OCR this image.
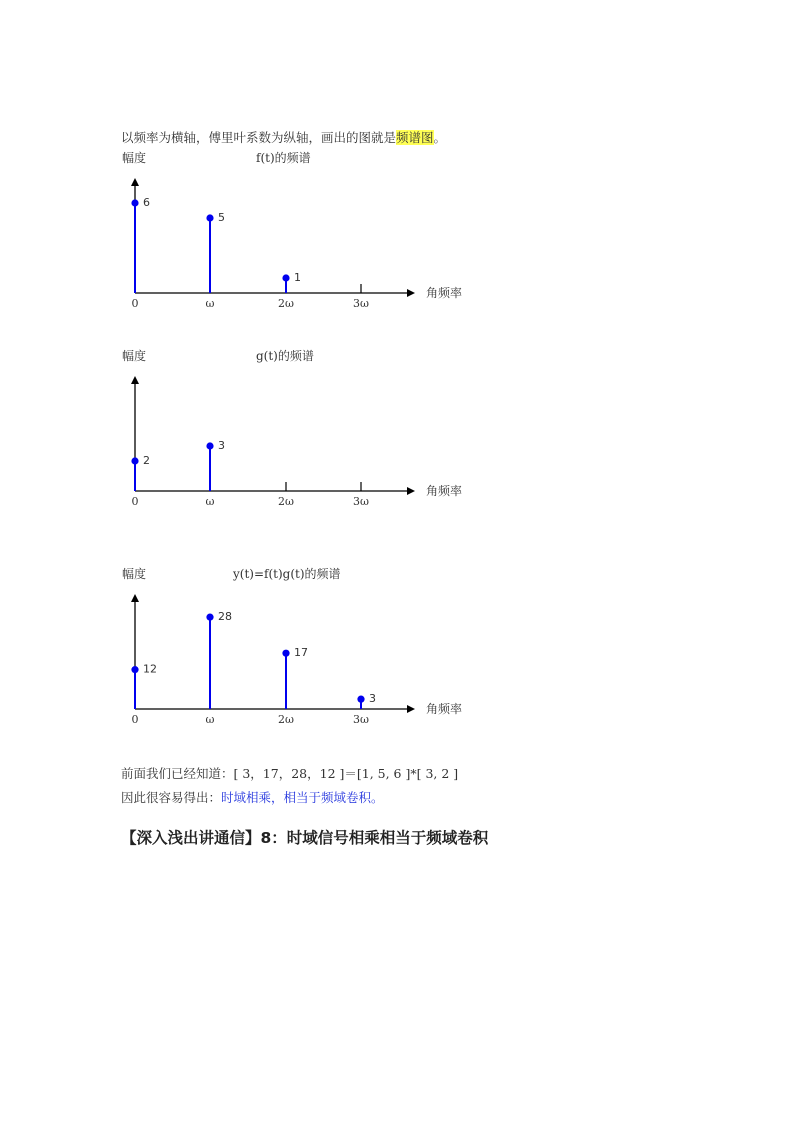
以频率为横轴，傅里叶系数为纵轴，画出的图就是频谱图。
幅度	f(t)的频谱
角频率
0	ω	2ω	3ω
6
5
1
幅度	g(t)的频谱
角频率
0	ω	2ω	3ω
2
3
幅度	y(t)=f(t)g(t)的频谱
角频率
0	ω	2ω	3ω
12
28
17
3
前面我们已经知道：[ 3，17，28，12 ]＝[1, 5, 6 ]*[ 3, 2 ]
因此很容易得出：时域相乘，相当于频域卷积。
【深入浅出讲通信】8：时域信号相乘相当于频域卷积
